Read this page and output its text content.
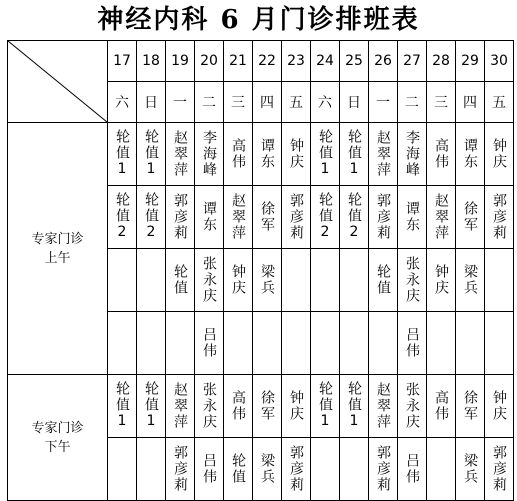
神经内科 6 月门诊排班表
	17	18	19	20	21	22	23	24	25	26	27	28	29	30
	六	日	一	二	三	四	五	六	日	一	二	三	四	五

专家门诊
上午	轮值1	轮值1	赵翠萍	李海峰	高伟	谭东	钟庆	轮值1	轮值1	赵翠萍	李海峰	高伟	谭东	钟庆
	轮值2	轮值2	郭彦莉	谭东	赵翠萍	徐军	郭彦莉	轮值2	轮值2	郭彦莉	谭东	赵翠萍	徐军	郭彦莉
			轮值	张永庆	钟庆	梁兵				轮值	张永庆	钟庆	梁兵	
				吕伟							吕伟			

专家门诊
下午	轮值1	轮值1	赵翠萍	张永庆	高伟	徐军	钟庆	轮值1	轮值1	赵翠萍	张永庆	高伟	徐军	钟庆
			郭彦莉	吕伟	轮值	梁兵	郭彦莉			郭彦莉	吕伟		梁兵	郭彦莉
